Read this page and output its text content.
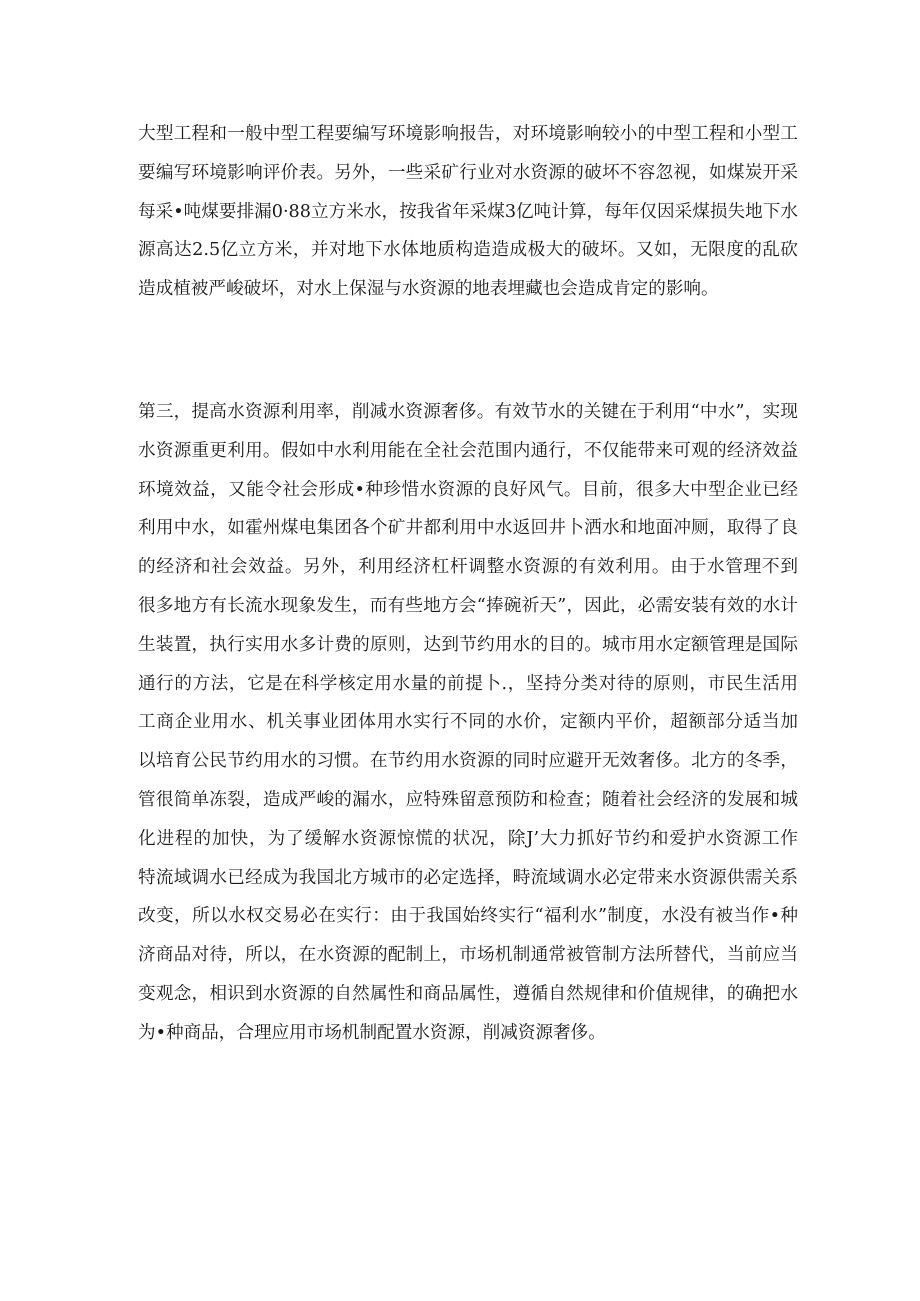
大型工程和一般中型工程要编写环境影响报告，对环境影响较小的中型工程和小型工
要编写环境影响评价表。另外，一些采矿行业对水资源的破坏不容忽视，如煤炭开采
每采•吨煤要排漏0·88立方米水，按我省年采煤3亿吨计算，每年仅因采煤损失地下水
源高达2.5亿立方米，并对地下水体地质构造造成极大的破坏。又如，无限度的乱砍
造成植被严峻破坏，对水上保湿与水资源的地表埋藏也会造成肯定的影响。
第三，提高水资源利用率，削减水资源奢侈。有效节水的关键在于利用“中水”，实现
水资源重更利用。假如中水利用能在全社会范围内通行，不仅能带来可观的经济效益
环境效益，又能令社会形成•种珍惜水资源的良好风气。目前，很多大中型企业已经
利用中水，如霍州煤电集团各个矿井都利用中水返回井卜洒水和地面冲厕，取得了良
的经济和社会效益。另外，利用经济杠杆调整水资源的有效利用。由于水管理不到
很多地方有长流水现象发生，而有些地方会“捧碗祈天”，因此，必需安装有效的水计
生装置，执行实用水多计费的原则，达到节约用水的目的。城市用水定额管理是国际
通行的方法，它是在科学核定用水量的前提卜.，坚持分类对待的原则，市民生活用
工商企业用水、机关事业团体用水实行不同的水价，定额内平价，超额部分适当加
以培育公民节约用水的习惯。在节约用水资源的同时应避开无效奢侈。北方的冬季，
管很简单冻裂，造成严峻的漏水，应特殊留意预防和检查；随着社会经济的发展和城
化进程的加快，为了缓解水资源惊慌的状况，除J’大力抓好节约和爱护水资源工作
特流域调水已经成为我国北方城市的必定选择，畤流域调水必定带来水资源供需关系
改变，所以水权交易必在实行：由于我国始终实行“福利水”制度，水没有被当作•种
济商品对待，所以，在水资源的配制上，市场机制通常被管制方法所替代，当前应当
变观念，相识到水资源的自然属性和商品属性，遵循自然规律和价值规律，的确把水
为•种商品，合理应用市场机制配置水资源，削减资源奢侈。
